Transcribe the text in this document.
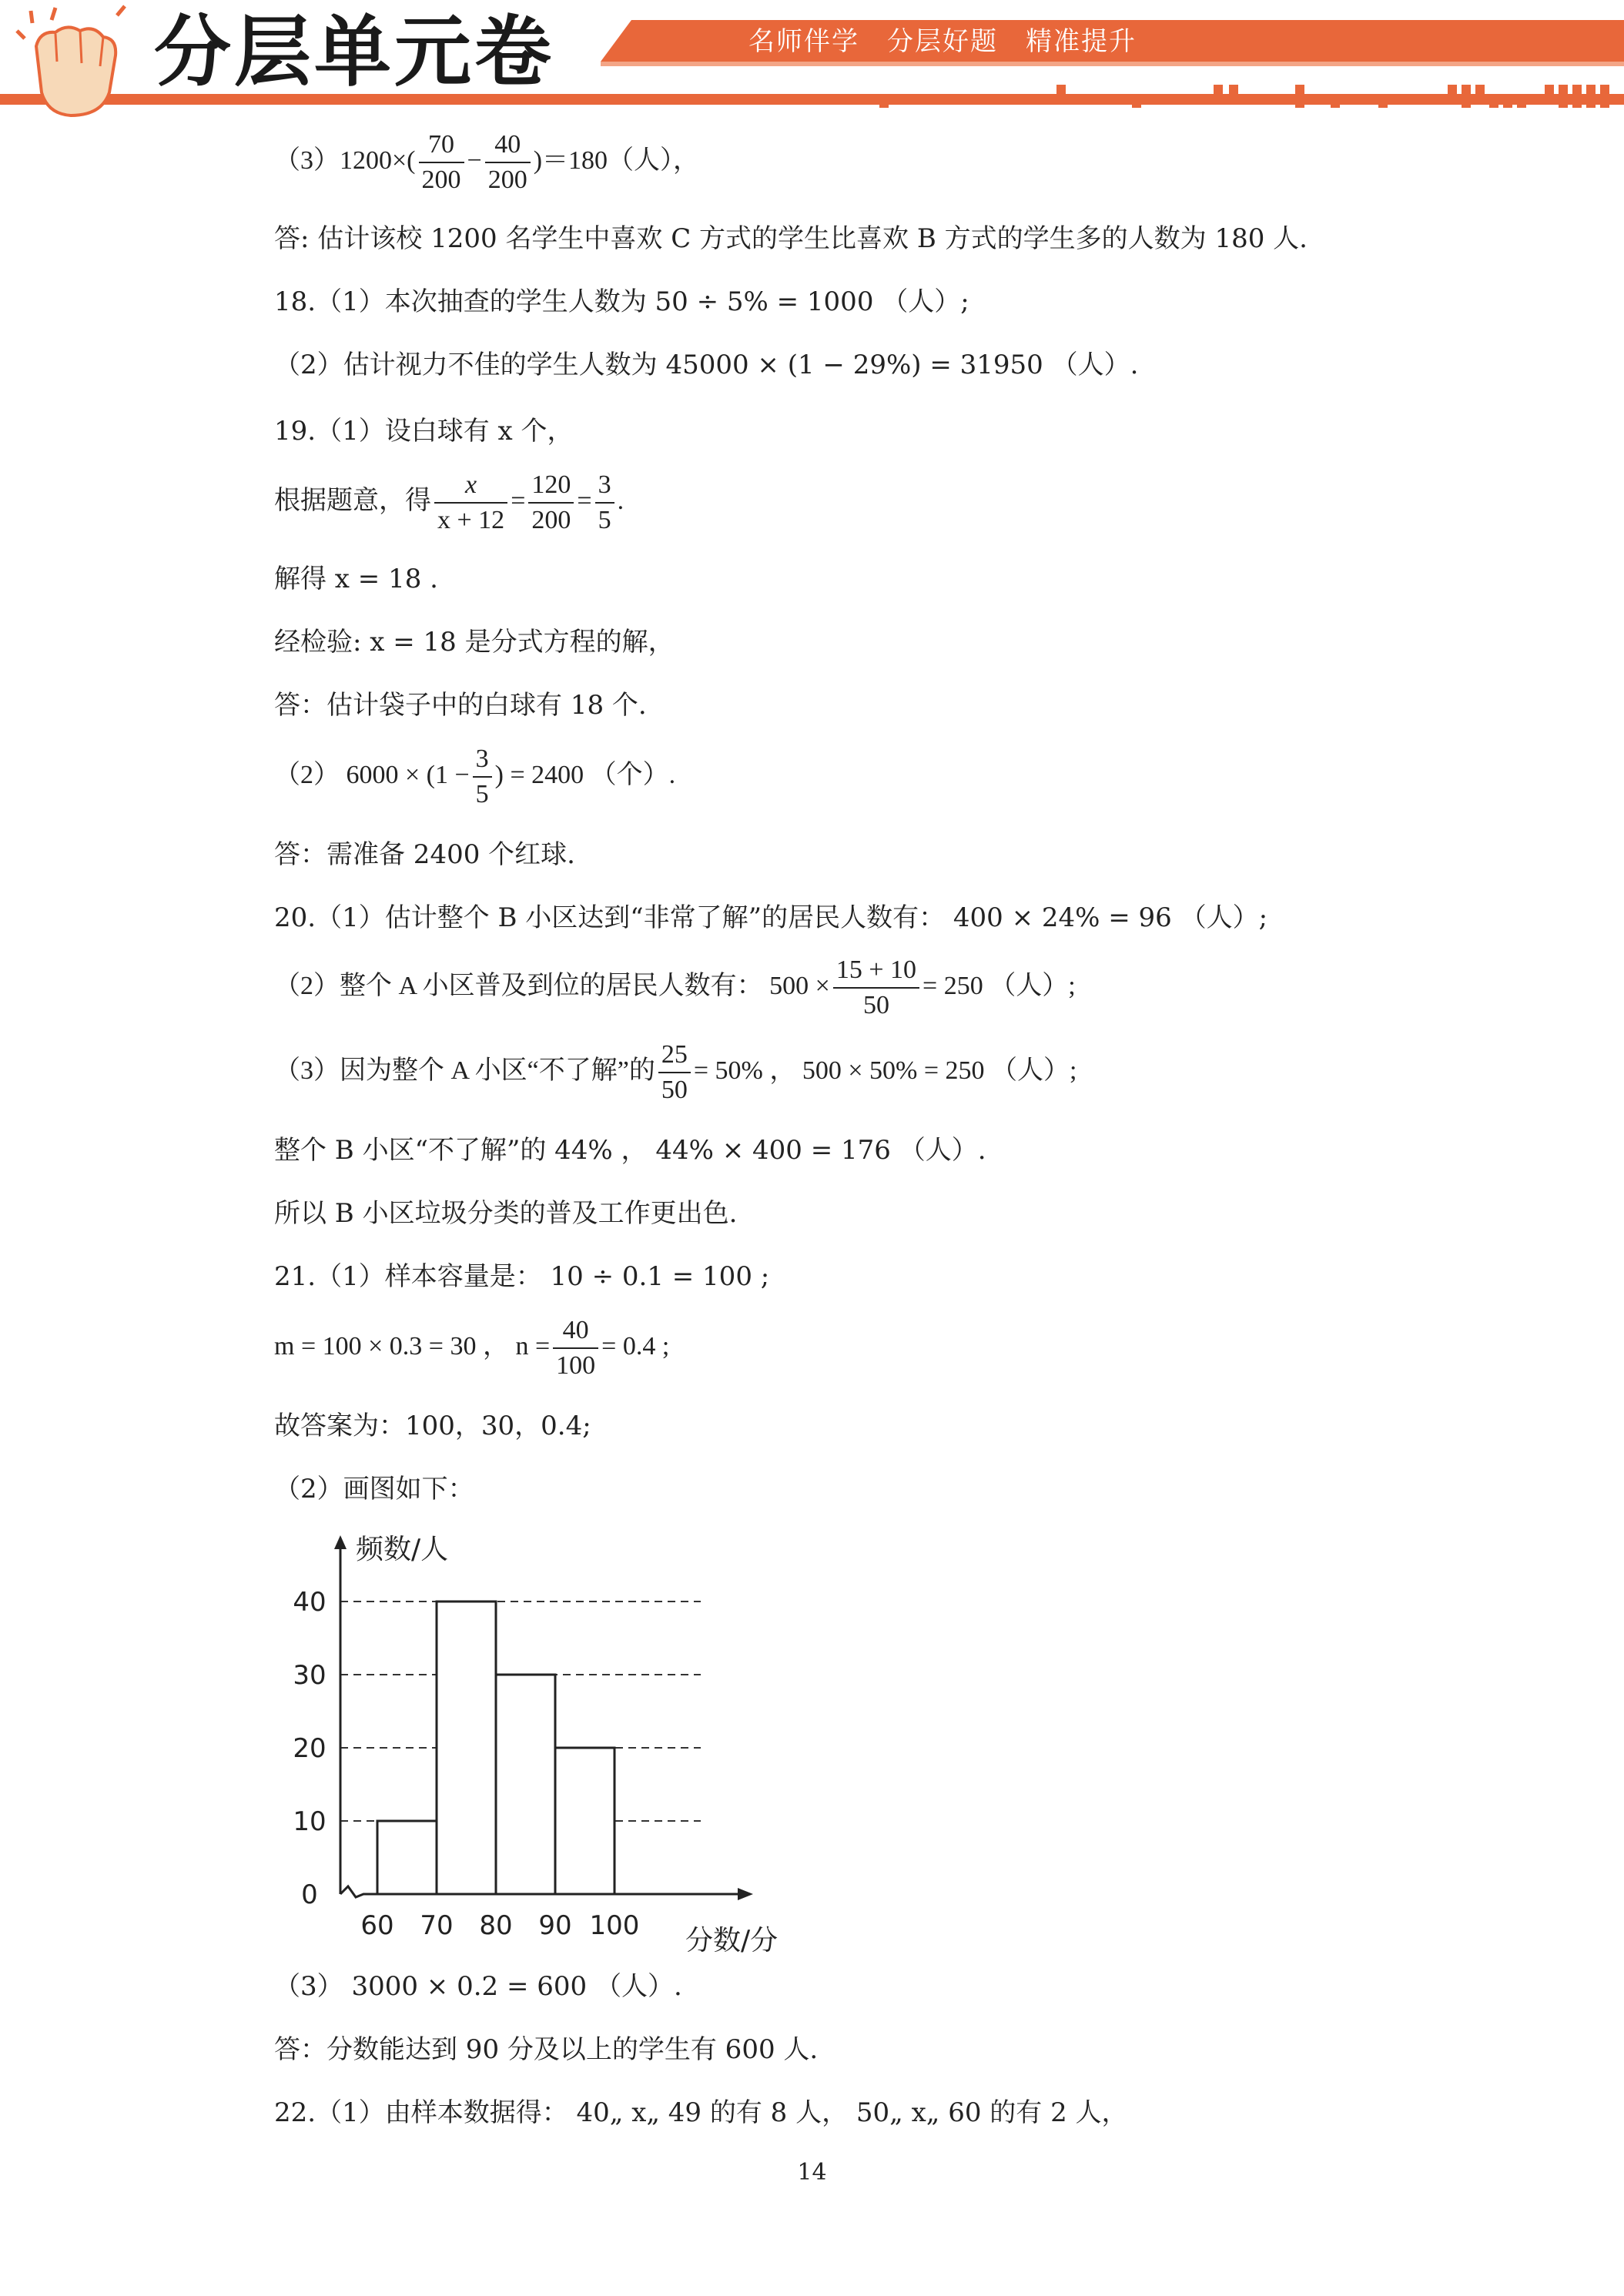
名师伴学　分层好题　精准提升
分层单元卷
$(3)1200\times( \frac{70}{200} - \frac{40}{200} )=180$（人），
答: 估计该校 1200 名学生中喜欢 C 方式的学生比喜欢 B 方式的学生多的人数为 180 人.
18.（1）本次抽查的学生人数为 50 ÷ 5% = 1000 （人）;
（2）估计视力不佳的学生人数为 45000 × (1 − 29%) = 31950 （人）.
19.（1）设白球有 x 个，
根据题意，得 $\frac{x}{x + 12} = \frac{120}{200} = \frac{3}{5}$ .
解得 x = 18 .
经检验: x = 18 是分式方程的解，
答：估计袋子中的白球有 18 个.
（2） $6000 \times (1 - \frac{3}{5}$ ) = 2400 （个）.
答：需准备 2400 个红球.
20.（1）估计整个 B 小区达到“非常了解”的居民人数有： 400 × 24% = 96 （人）;
（2）整个 A 小区普及到位的居民人数有： $500 \times \frac{15 + 10}{50} = 250$ （人）;
（3）因为整个 A 小区“不了解”的 $\frac{25}{50} = 50\%$ ， 500 × 50% = 250 （人）;
整个 B 小区“不了解”的 44% ， 44% × 400 = 176 （人）.
所以 B 小区垃圾分类的普及工作更出色.
21.（1）样本容量是： 10 ÷ 0.1 = 100 ;
m = 100 × 0.3 = 30 ， $n = \frac{40}{100} = 0.4$ ;
故答案为：100，30，0.4;
（2）画图如下：
0
10
20
30
40
60 70 80 90 100
频数/人
分数/分
（3） 3000 × 0.2 = 600 （人）.
答：分数能达到 90 分及以上的学生有 600 人.
22.（1）由样本数据得： 40„ x„ 49 的有 8 人， 50„ x„ 60 的有 2 人，
14
